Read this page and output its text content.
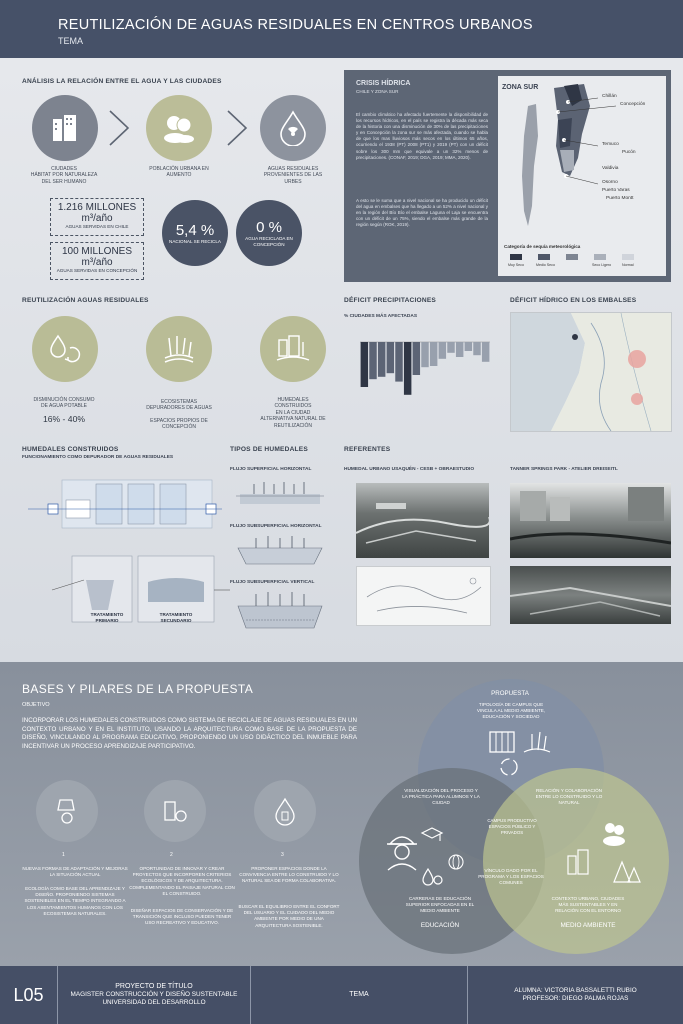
REUTILIZACIÓN DE AGUAS RESIDUALES EN CENTROS URBANOS
TEMA
ANÁLISIS LA RELACIÓN ENTRE EL AGUA Y LAS CIUDADES
CIUDADES
HÁBITAT POR NATURALEZA
DEL SER HUMANO
POBLACIÓN URBANA EN
AUMENTO
AGUAS RESIDUALES
PROVENIENTES DE LAS
URBES
1.216 MILLONES
m³/año
AGUAS SERVIDAS EN CHILE
100 MILLONES
m³/año
AGUAS SERVIDAS EN CONCEPCIÓN
5,4 %
NACIONAL SE RECICLA
0 %
AGUA RECICLADA EN
CONCEPCIÓN
CRISIS HÍDRICA
CHILE Y ZONA SUR
El cambio climático ha afectado fuertemente la disponibilidad de los recursos hídricos, en el país se registra la década más seca de la historia con una disminución de 30% de las precipitaciones y en Concepción la zona sur se más afectada, cuando se habla de que los mas lluviosos más secos en los últimos 65 años, ocurriendo el 1938 (PT) 2008 (PT1) y 2019 (PT) con un déficit sobre los 300 mm que equivale a un 32% menos de precipitaciones. (CONAF, 2019; DGA, 2019; MMA, 2020).
A esto se le suma que a nivel nacional se ha producido un déficit del agua en embalses que ha llegado a un 52% a nivel nacional y en la región del Bío Bío el embalse Laguna el Laja se encuentra con un déficit de un 75%, siendo el embalse más grande de la región según (ROK, 2019).
ZONA SUR
Chillán
Concepción
Temuco
Pucón
Valdivia
Osorno
Puerto Varas
Puerto Montt
Categoría de sequía meteorológica
Muy Seco	Medio Seco	Seco Ligero	Normal
REUTILIZACIÓN AGUAS RESIDUALES
DISMINUCIÓN CONSUMO
DE AGUA POTABLE
16% - 40%
ECOSISTEMAS
DEPURADORES DE AGUAS
ESPACIOS PROPIOS DE
CONCEPCIÓN
HUMEDALES
CONSTRUIDOS
EN LA CIUDAD
ALTERNATIVA NATURAL DE
REUTILIZACIÓN
DÉFICIT PRECIPITACIONES
% CIUDADES MÁS AFECTADAS
DÉFICIT HÍDRICO EN LOS EMBALSES
HUMEDALES CONSTRUIDOS
FUNCIONAMIENTO COMO DEPURADOR DE AGUAS RESIDUALES
TRATAMIENTO
PRIMARIO
TRATAMIENTO
SECUNDARIO
TIPOS DE HUMEDALES
FLUJO SUPERFICIAL HORIZONTAL
FLUJO SUBSUPERFICIAL HORIZONTAL
FLUJO SUBSUPERFICIAL VERTICAL
REFERENTES
HUMEDAL URBANO USAQUÉN - CESB + OBRAESTUDIO	TANNER SPRINGS PARK - ATELIER DREISEITL
BASES Y PILARES DE LA PROPUESTA
OBJETIVO
INCORPORAR LOS HUMEDALES CONSTRUIDOS COMO SISTEMA DE RECICLAJE DE AGUAS RESIDUALES EN UN CONTEXTO URBANO Y EN EL INSTITUTO, USANDO LA ARQUITECTURA COMO BASE DE LA PROPUESTA DE DISEÑO, VINCULANDO AL PROGRAMA EDUCATIVO, PROPONIENDO UN USO DIDÁCTICO DEL INMUEBLE PARA INCENTIVAR UN PROCESO APRENDIZAJE PARTICIPATIVO.
1	2	3
NUEVAS FORMAS DE ADAPTACIÓN Y MEJORAS LA SITUACIÓN ACTUAL
ECOLOGÍA COMO BASE DEL APRENDIZAJE Y DISEÑO. PROPONIENDO SISTEMAS SOSTENIBLES EN EL TIEMPO INTEGRANDO A LOS ASENTAMIENTOS HUMANOS CON LOS ECOSISTEMAS NATURALES.
OPORTUNIDAD DE INNOVAR Y CREAR PROYECTOS QUE INCORPOREN CRITERIOS ECOLÓGICOS Y DE ARQUITECTURA. COMPLEMENTANDO EL PAISAJE NATURAL CON EL CONSTRUIDO.
DISEÑAR ESPACIOS DE CONSERVACIÓN Y DE TRANSICIÓN QUE INCLUSO PUEDEN TENER USO RECREATIVO Y EDUCATIVO.
PROPONER ESPACIOS DONDE LA CONVIVENCIA ENTRE LO CONSTRUIDO Y LO NATURAL SEA DE FORMA COLABORATIVA.
BUSCAR EL EQUILIBRIO ENTRE EL CONFORT DEL USUARIO Y EL CUIDADO DEL MEDIO AMBIENTE POR MEDIO DE UNA ARQUITECTURA SOSTENIBLE.
PROPUESTA
TIPOLOGÍA DE CAMPUS QUE VINCULA AL MEDIO AMBIENTE, EDUCACIÓN Y SOCIEDAD
VISUALIZACIÓN DEL PROCESO Y LA PRÁCTICA PARA ALUMNOS Y LA CIUDAD
RELACIÓN Y COLABORACIÓN ENTRE LO CONSTRUIDO Y LO NATURAL
CAMPUS PRODUCTIVO ESPACIOS PÚBLICO Y PRIVADOS
VÍNCULO DADO POR EL PROGRAMA Y LOS ESPACIOS COMUNES
CARRERAS DE EDUCACIÓN SUPERIOR ENFOCADAS EN EL MEDIO AMBIENTE
EDUCACIÓN
CONTEXTO URBANO, CIUDADES MÁS SUSTENTABLES Y EN RELACIÓN CON EL ENTORNO
MEDIO AMBIENTE
L05	PROYECTO DE TÍTULO
MAGISTER CONSTRUCCIÓN Y DISEÑO SUSTENTABLE
UNIVERSIDAD DEL DESARROLLO
TEMA
ALUMNA: VICTORIA BASSALETTI RUBIO
PROFESOR: DIEGO PALMA ROJAS
